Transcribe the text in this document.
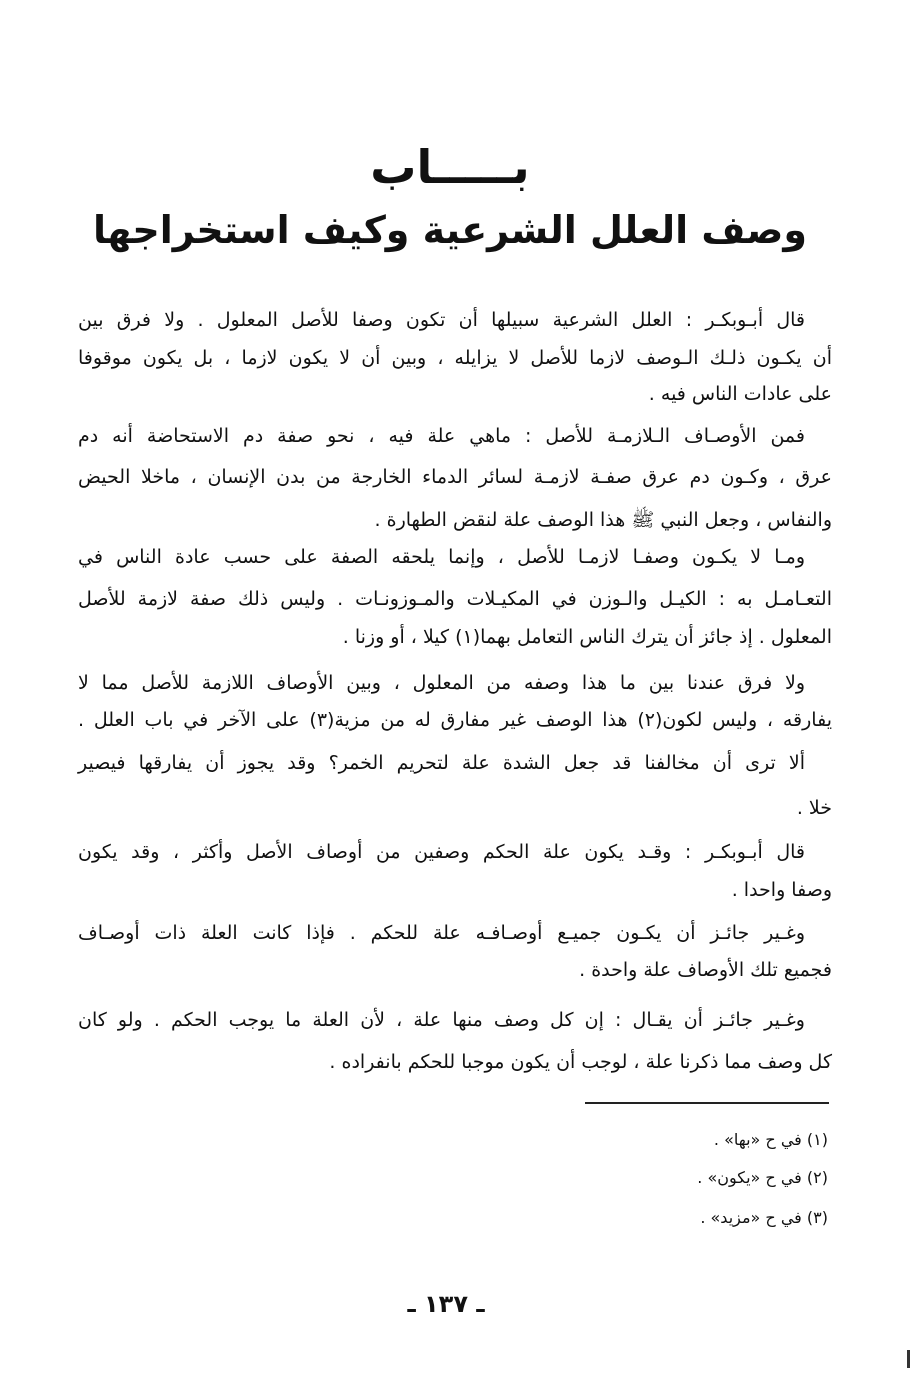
بـــــاب
وصف العلل الشرعية وكيف استخراجها
قال أبـوبكـر : العلل الشرعية سبيلها أن تكون وصفا للأصل المعلول . ولا فرق بين
أن يكـون ذلـك الـوصف لازما للأصل لا يزايله ، وبين أن لا يكون لازما ، بل يكون موقوفا
على عادات الناس فيه .
فمن الأوصـاف الـلازمـة للأصل : ماهي علة فيه ، نحو صفة دم الاستحاضة أنه دم
عرق ، وكـون دم عرق صفـة لازمـة لسائر الدماء الخارجة من بدن الإنسان ، ماخلا الحيض
والنفاس ، وجعل النبي ﷺ هذا الوصف علة لنقض الطهارة .
ومـا لا يكـون وصفـا لازمـا للأصل ، وإنما يلحقه الصفة على حسب عادة الناس في
التعـامـل به : الكيـل والـوزن في المكيـلات والمـوزونـات . وليس ذلك صفة لازمة للأصل
المعلول . إذ جائز أن يترك الناس التعامل بهما(١) كيلا ، أو وزنا .
ولا فرق عندنا بين ما هذا وصفه من المعلول ، وبين الأوصاف اللازمة للأصل مما لا
يفارقه ، وليس لكون(٢) هذا الوصف غير مفارق له من مزية(٣) على الآخر في باب العلل .
ألا ترى أن مخالفنا قد جعل الشدة علة لتحريم الخمر؟ وقد يجوز أن يفارقها فيصير
خلا .
قال أبـوبكـر : وقـد يكون علة الحكم وصفين من أوصاف الأصل وأكثر ، وقد يكون
وصفا واحدا .
وغـير جائـز أن يكـون جميـع أوصـافـه علة للحكم . فإذا كانت العلة ذات أوصـاف
فجميع تلك الأوصاف علة واحدة .
وغـير جائـز أن يقـال : إن كل وصف منها علة ، لأن العلة ما يوجب الحكم . ولو كان
كل وصف مما ذكرنا علة ، لوجب أن يكون موجبا للحكم بانفراده .
(١) في ح «بها» .
(٢) في ح «يكون» .
(٣) في ح «مزيد» .
ـ ١٣٧ ـ
